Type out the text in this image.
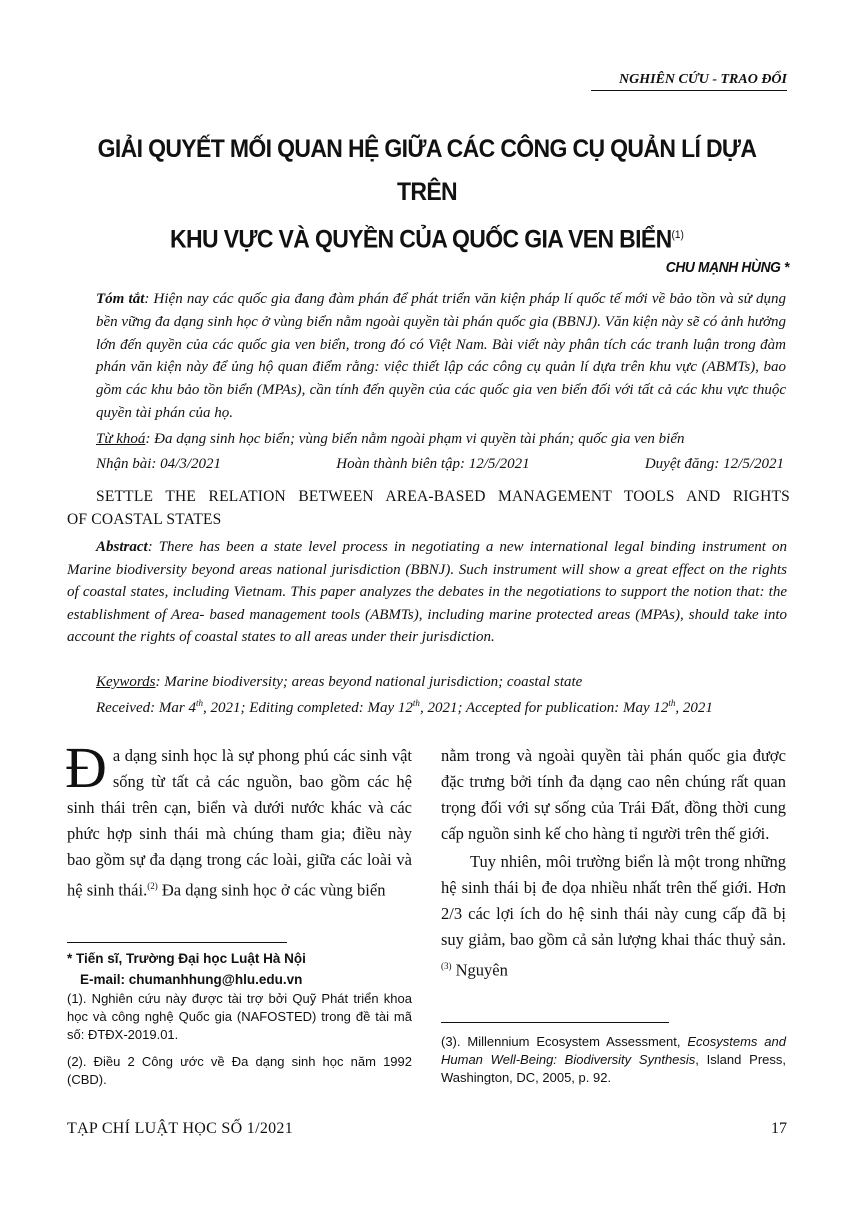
NGHIÊN CỨU - TRAO ĐỔI
GIẢI QUYẾT MỐI QUAN HỆ GIỮA CÁC CÔNG CỤ QUẢN LÍ DỰA TRÊN
KHU VỰC VÀ QUYỀN CỦA QUỐC GIA VEN BIỂN$^{(1)}$
CHU MẠNH HÙNG *
Tóm tắt: Hiện nay các quốc gia đang đàm phán để phát triển văn kiện pháp lí quốc tế mới về bảo tồn và sử dụng bền vững đa dạng sinh học ở vùng biển nằm ngoài quyền tài phán quốc gia (BBNJ). Văn kiện này sẽ có ảnh hưởng lớn đến quyền của các quốc gia ven biển, trong đó có Việt Nam. Bài viết này phân tích các tranh luận trong đàm phán văn kiện này để ủng hộ quan điểm rằng: việc thiết lập các công cụ quản lí dựa trên khu vực (ABMTs), bao gồm các khu bảo tồn biển (MPAs), cần tính đến quyền của các quốc gia ven biển đối với tất cả các khu vực thuộc quyền tài phán của họ.
Từ khoá: Đa dạng sinh học biển; vùng biển nằm ngoài phạm vi quyền tài phán; quốc gia ven biển
Nhận bài: 04/3/2021	Hoàn thành biên tập: 12/5/2021	Duyệt đăng: 12/5/2021
SETTLE THE RELATION BETWEEN AREA-BASED MANAGEMENT TOOLS AND RIGHTS
OF COASTAL STATES
Abstract: There has been a state level process in negotiating a new international legal binding instrument on Marine biodiversity beyond areas national jurisdiction (BBNJ). Such instrument will show a great effect on the rights of coastal states, including Vietnam. This paper analyzes the debates in the negotiations to support the notion that: the establishment of Area- based management tools (ABMTs), including marine protected areas (MPAs), should take into account the rights of coastal states to all areas under their jurisdiction.
Keywords: Marine biodiversity; areas beyond national jurisdiction; coastal state
Received: Mar 4th, 2021; Editing completed: May 12th, 2021; Accepted for publication: May 12th, 2021

Đa dạng sinh học là sự phong phú các sinh vật sống từ tất cả các nguồn, bao gồm các hệ sinh thái trên cạn, biển và dưới nước khác và các phức hợp sinh thái mà chúng tham gia; điều này bao gồm sự đa dạng trong các loài, giữa các loài và hệ sinh thái.$^{(2)}$ Đa dạng sinh học ở các vùng biển

nằm trong và ngoài quyền tài phán quốc gia được đặc trưng bởi tính đa dạng cao nên chúng rất quan trọng đối với sự sống của Trái Đất, đồng thời cung cấp nguồn sinh kế cho hàng tỉ người trên thế giới.

Tuy nhiên, môi trường biển là một trong những hệ sinh thái bị đe dọa nhiều nhất trên thế giới. Hơn 2/3 các lợi ích do hệ sinh thái này cung cấp đã bị suy giảm, bao gồm cả sản lượng khai thác thuỷ sản.$^{(3)}$ Nguyên

* Tiến sĩ, Trường Đại học Luật Hà Nội
E-mail: chumanhhung@hlu.edu.vn
(1). Nghiên cứu này được tài trợ bởi Quỹ Phát triển khoa học và công nghệ Quốc gia (NAFOSTED) trong đề tài mã số: ĐTĐX-2019.01.
(2). Điều 2 Công ước về Đa dạng sinh học năm 1992 (CBD).
(3). Millennium Ecosystem Assessment, Ecosystems and Human Well-Being: Biodiversity Synthesis, Island Press, Washington, DC, 2005, p. 92.
TẠP CHÍ LUẬT HỌC SỐ 1/2021	17
